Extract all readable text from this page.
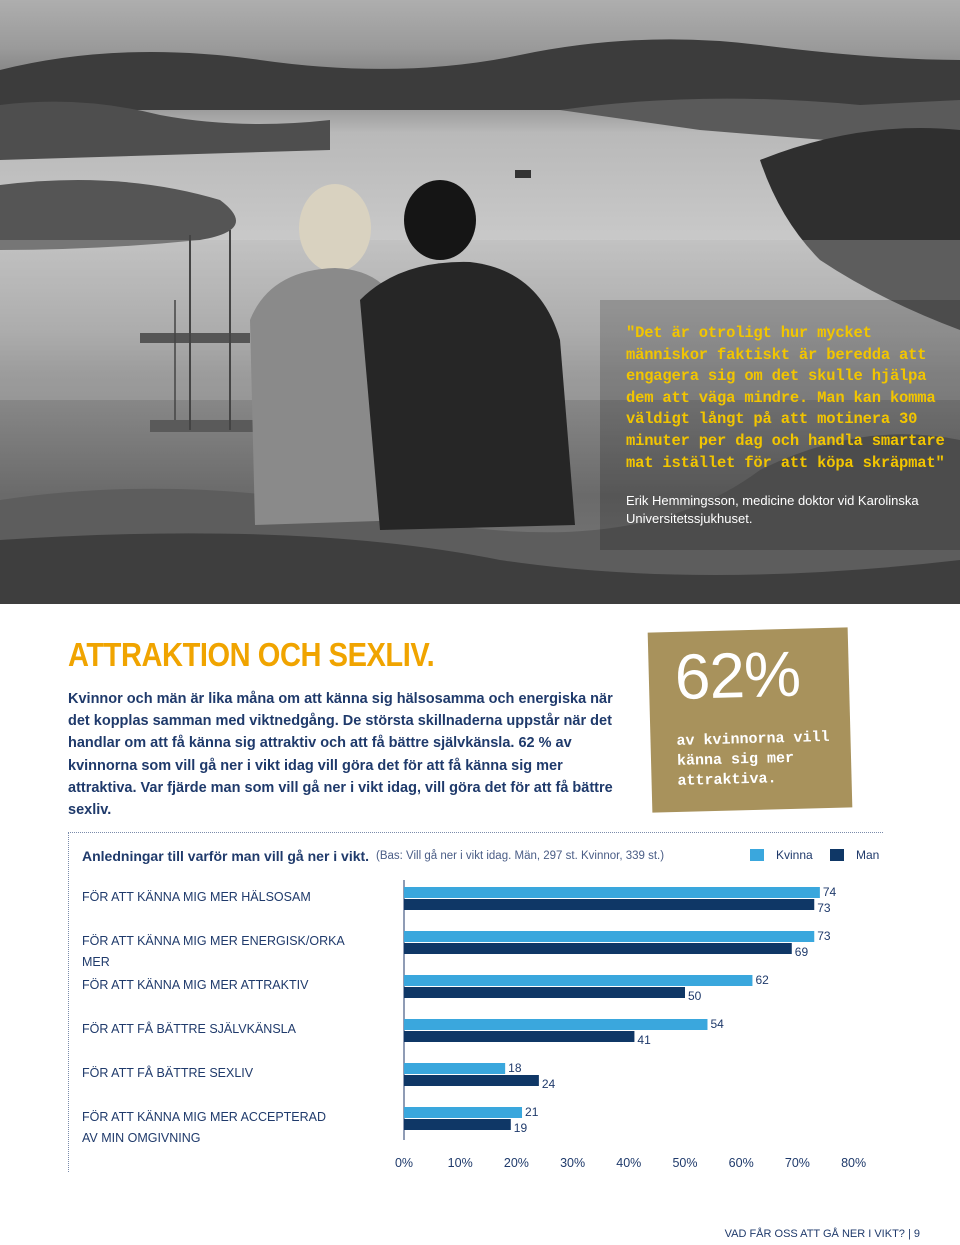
"Det är otroligt hur mycket människor faktiskt är beredda att engagera sig om det skulle hjälpa dem att väga mindre. Man kan komma väldigt långt på att motinera 30 minuter per dag och handla smartare mat istället för att köpa skräpmat"

Erik Hemmingsson, medicine doktor vid Karolinska Universitetssjukhuset.

ATTRAKTION OCH SEXLIV.

Kvinnor och män är lika måna om att känna sig hälsosamma och energiska när det kopplas samman med viktnedgång. De största skillnaderna uppstår när det handlar om att få känna sig attraktiv och att få bättre självkänsla. 62 % av kvinnorna som vill gå ner i vikt idag vill göra det för att få känna sig mer attraktiva. Var fjärde man som vill gå ner i vikt idag, vill göra det för att få bättre sexliv.

62%

av kvinnorna vill känna sig mer attraktiva.

Anledningar till varför man vill gå ner i vikt. (Bas: Vill gå ner i vikt idag. Män, 297 st. Kvinnor, 339 st.)	Kvinna	Man

FÖR ATT KÄNNA MIG MER HÄLSOSAM

FÖR ATT KÄNNA MIG MER ENERGISK/ORKA MER

FÖR ATT KÄNNA MIG MER ATTRAKTIV

FÖR ATT FÅ BÄTTRE SJÄLVKÄNSLA

FÖR ATT FÅ BÄTTRE SEXLIV

FÖR ATT KÄNNA MIG MER ACCEPTERAD AV MIN OMGIVNING

74
73
73
69
62
50
54
41
18
24
21
19
0%	10% 20% 30% 40% 50% 60% 70% 80%

VAD FÅR OSS ATT GÅ NER I VIKT? | 9
